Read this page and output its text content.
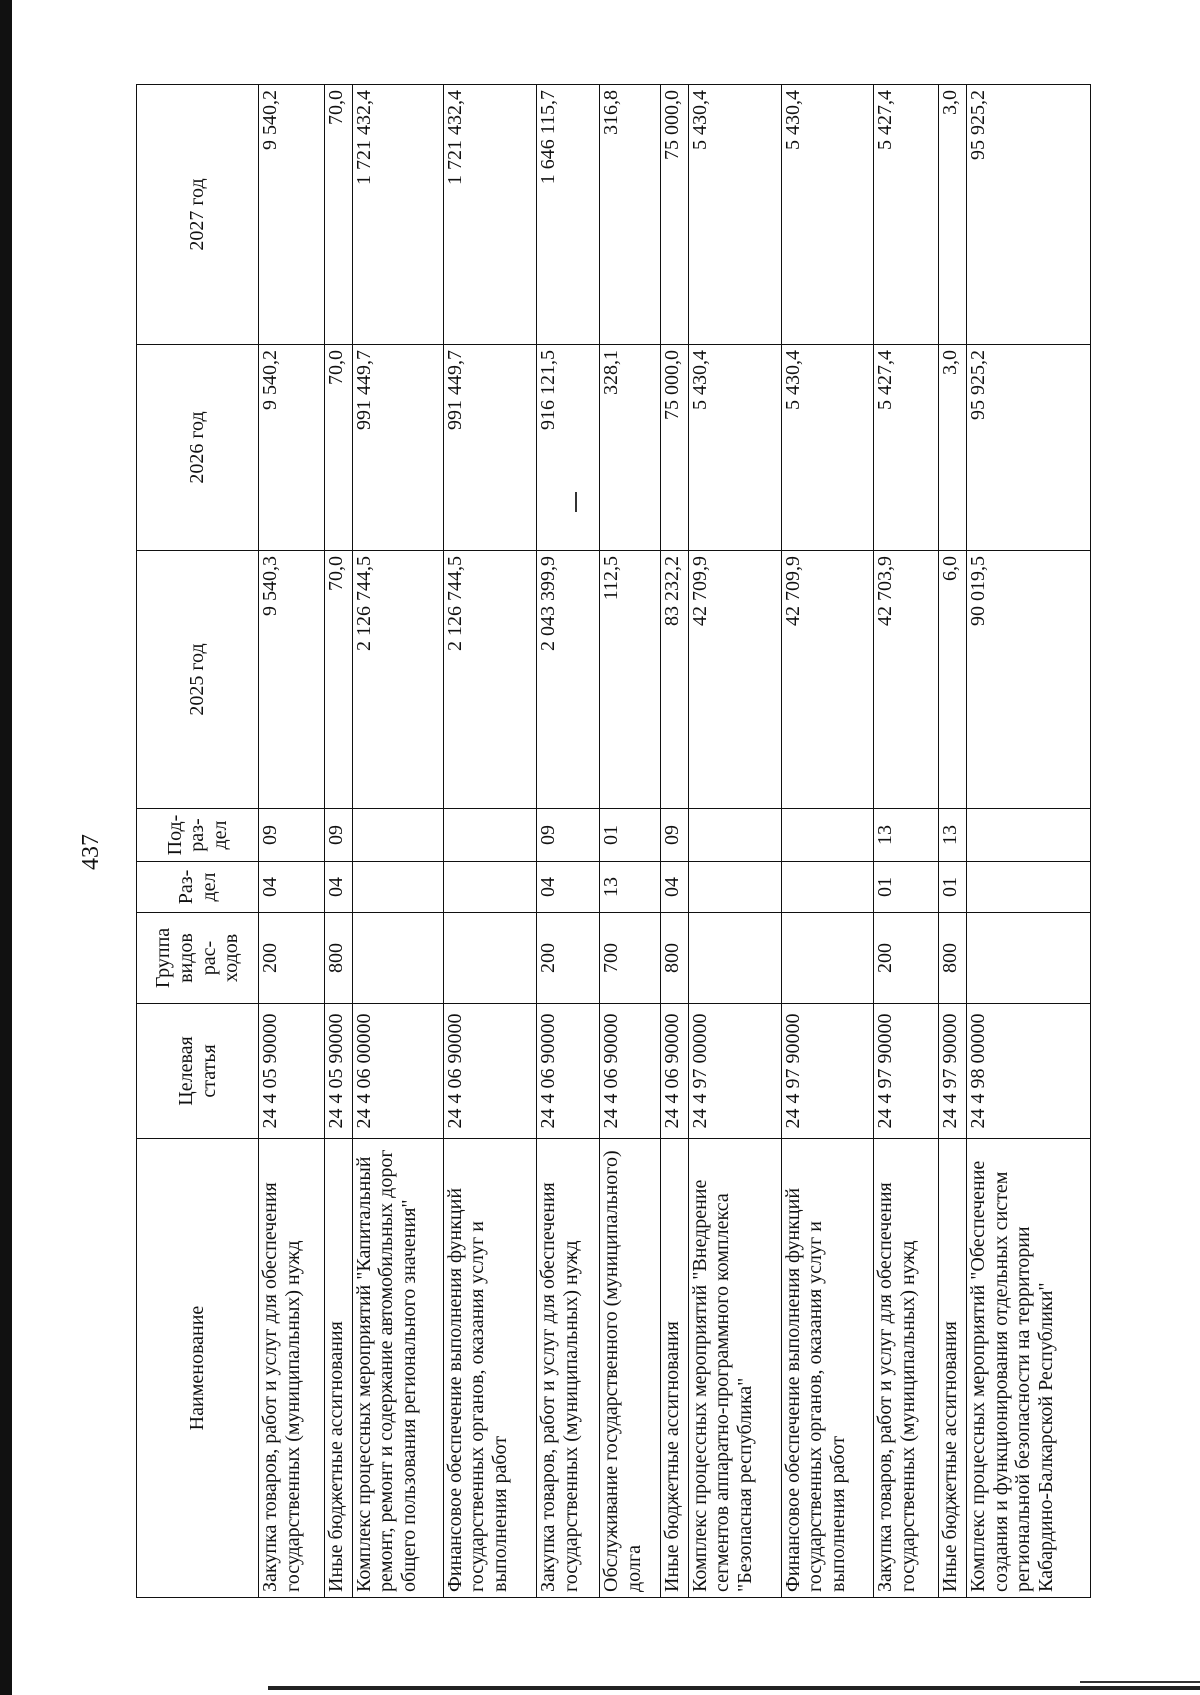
437
Наименование	Целевая статья	Группа видов рас- ходов	Раз- дел	Под- раз- дел	2025 год	2026 год	2027 год
Закупка товаров, работ и услуг для обеспечения государственных (муниципальных) нужд	24 4 05 90000	200	04	09	9 540,3	9 540,2	9 540,2
Иные бюджетные ассигнования	24 4 05 90000	800	04	09	70,0	70,0	70,0
Комплекс процессных мероприятий "Капитальный ремонт, ремонт и содержание автомобильных дорог общего пользования регионального значения"	24 4 06 00000				2 126 744,5	991 449,7	1 721 432,4
Финансовое обеспечение выполнения функций государственных органов, оказания услуг и выполнения работ	24 4 06 90000				2 126 744,5	991 449,7	1 721 432,4
Закупка товаров, работ и услуг для обеспечения государственных (муниципальных) нужд	24 4 06 90000	200	04	09	2 043 399,9	916 121,5	1 646 115,7
Обслуживание государственного (муниципального) долга	24 4 06 90000	700	13	01	112,5	328,1	316,8
Иные бюджетные ассигнования	24 4 06 90000	800	04	09	83 232,2	75 000,0	75 000,0
Комплекс процессных мероприятий "Внедрение сегментов аппаратно-программного комплекса "Безопасная республика"	24 4 97 00000				42 709,9	5 430,4	5 430,4
Финансовое обеспечение выполнения функций государственных органов, оказания услуг и выполнения работ	24 4 97 90000				42 709,9	5 430,4	5 430,4
Закупка товаров, работ и услуг для обеспечения государственных (муниципальных) нужд	24 4 97 90000	200	01	13	42 703,9	5 427,4	5 427,4
Иные бюджетные ассигнования	24 4 97 90000	800	01	13	6,0	3,0	3,0
Комплекс процессных мероприятий "Обеспечение создания и функционирования отдельных систем региональной безопасности на территории Кабардино-Балкарской Республики"	24 4 98 00000				90 019,5	95 925,2	95 925,2
